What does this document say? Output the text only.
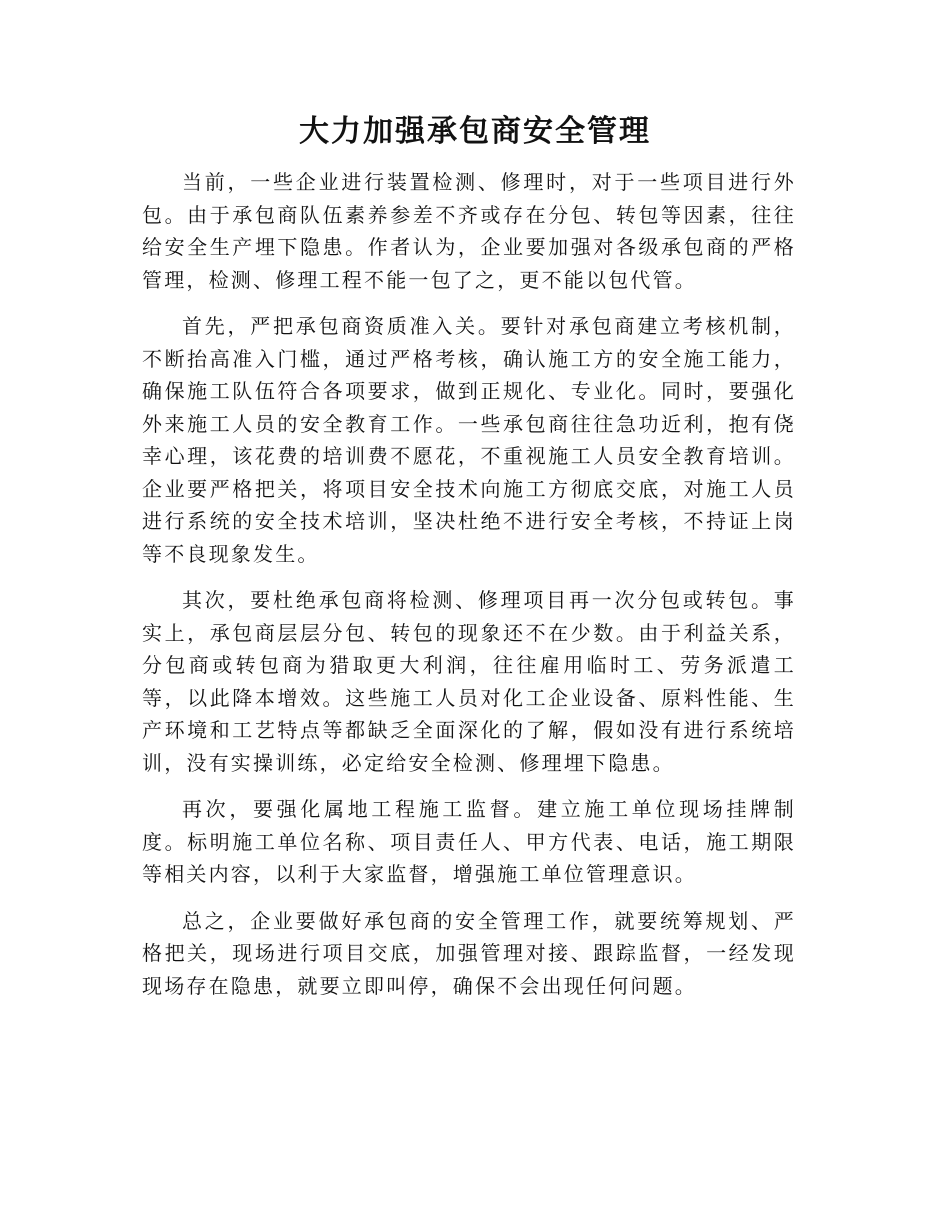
大力加强承包商安全管理

当前，一些企业进行装置检测、修理时，对于一些项目进行外包。由于承包商队伍素养参差不齐或存在分包、转包等因素，往往给安全生产埋下隐患。作者认为，企业要加强对各级承包商的严格管理，检测、修理工程不能一包了之，更不能以包代管。

首先，严把承包商资质准入关。要针对承包商建立考核机制，不断抬高准入门槛，通过严格考核，确认施工方的安全施工能力，确保施工队伍符合各项要求，做到正规化、专业化。同时，要强化外来施工人员的安全教育工作。一些承包商往往急功近利，抱有侥幸心理，该花费的培训费不愿花，不重视施工人员安全教育培训。企业要严格把关，将项目安全技术向施工方彻底交底，对施工人员进行系统的安全技术培训，坚决杜绝不进行安全考核，不持证上岗等不良现象发生。

其次，要杜绝承包商将检测、修理项目再一次分包或转包。事实上，承包商层层分包、转包的现象还不在少数。由于利益关系，分包商或转包商为猎取更大利润，往往雇用临时工、劳务派遣工等，以此降本增效。这些施工人员对化工企业设备、原料性能、生产环境和工艺特点等都缺乏全面深化的了解，假如没有进行系统培训，没有实操训练，必定给安全检测、修理埋下隐患。

再次，要强化属地工程施工监督。建立施工单位现场挂牌制度。标明施工单位名称、项目责任人、甲方代表、电话，施工期限等相关内容，以利于大家监督，增强施工单位管理意识。

总之，企业要做好承包商的安全管理工作，就要统筹规划、严格把关，现场进行项目交底，加强管理对接、跟踪监督，一经发现现场存在隐患，就要立即叫停，确保不会出现任何问题。
